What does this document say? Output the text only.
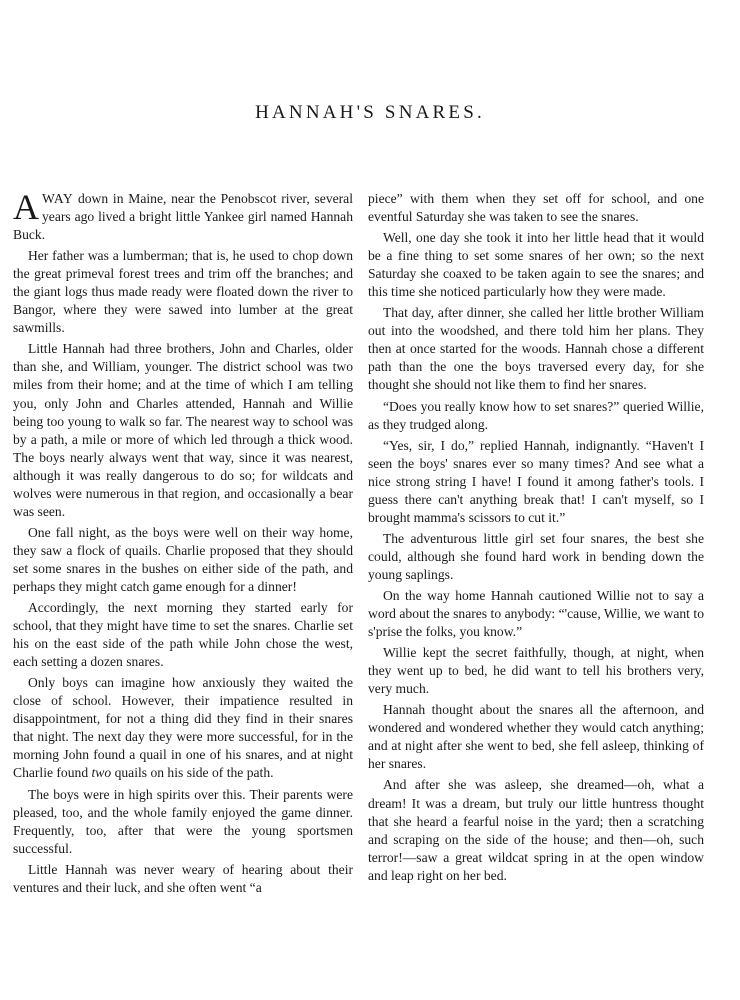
HANNAH'S SNARES.

AWAY down in Maine, near the Penobscot river, several years ago lived a bright little Yankee girl named Hannah Buck.

Her father was a lumberman; that is, he used to chop down the great primeval forest trees and trim off the branches; and the giant logs thus made ready were floated down the river to Bangor, where they were sawed into lumber at the great sawmills.

Little Hannah had three brothers, John and Charles, older than she, and William, younger. The district school was two miles from their home; and at the time of which I am telling you, only John and Charles attended, Hannah and Willie being too young to walk so far. The nearest way to school was by a path, a mile or more of which led through a thick wood. The boys nearly always went that way, since it was nearest, although it was really dangerous to do so; for wildcats and wolves were numerous in that region, and occasionally a bear was seen.

One fall night, as the boys were well on their way home, they saw a flock of quails. Charlie proposed that they should set some snares in the bushes on either side of the path, and perhaps they might catch game enough for a dinner!

Accordingly, the next morning they started early for school, that they might have time to set the snares. Charlie set his on the east side of the path while John chose the west, each setting a dozen snares.

Only boys can imagine how anxiously they waited the close of school. However, their impatience resulted in disappointment, for not a thing did they find in their snares that night. The next day they were more successful, for in the morning John found a quail in one of his snares, and at night Charlie found two quails on his side of the path.

The boys were in high spirits over this. Their parents were pleased, too, and the whole family enjoyed the game dinner. Frequently, too, after that were the young sportsmen successful.

Little Hannah was never weary of hearing about their ventures and their luck, and she often went “a

piece” with them when they set off for school, and one eventful Saturday she was taken to see the snares.

Well, one day she took it into her little head that it would be a fine thing to set some snares of her own; so the next Saturday she coaxed to be taken again to see the snares; and this time she noticed particularly how they were made.

That day, after dinner, she called her little brother William out into the woodshed, and there told him her plans. They then at once started for the woods. Hannah chose a different path than the one the boys traversed every day, for she thought she should not like them to find her snares.

“Does you really know how to set snares?” queried Willie, as they trudged along.

“Yes, sir, I do,” replied Hannah, indignantly. “Haven't I seen the boys' snares ever so many times? And see what a nice strong string I have! I found it among father's tools. I guess there can't anything break that! I can't myself, so I brought mamma's scissors to cut it.”

The adventurous little girl set four snares, the best she could, although she found hard work in bending down the young saplings.

On the way home Hannah cautioned Willie not to say a word about the snares to anybody: “'cause, Willie, we want to s'prise the folks, you know.”

Willie kept the secret faithfully, though, at night, when they went up to bed, he did want to tell his brothers very, very much.

Hannah thought about the snares all the afternoon, and wondered and wondered whether they would catch anything; and at night after she went to bed, she fell asleep, thinking of her snares.

And after she was asleep, she dreamed—oh, what a dream! It was a dream, but truly our little huntress thought that she heard a fearful noise in the yard; then a scratching and scraping on the side of the house; and then—oh, such terror!—saw a great wildcat spring in at the open window and leap right on her bed.
